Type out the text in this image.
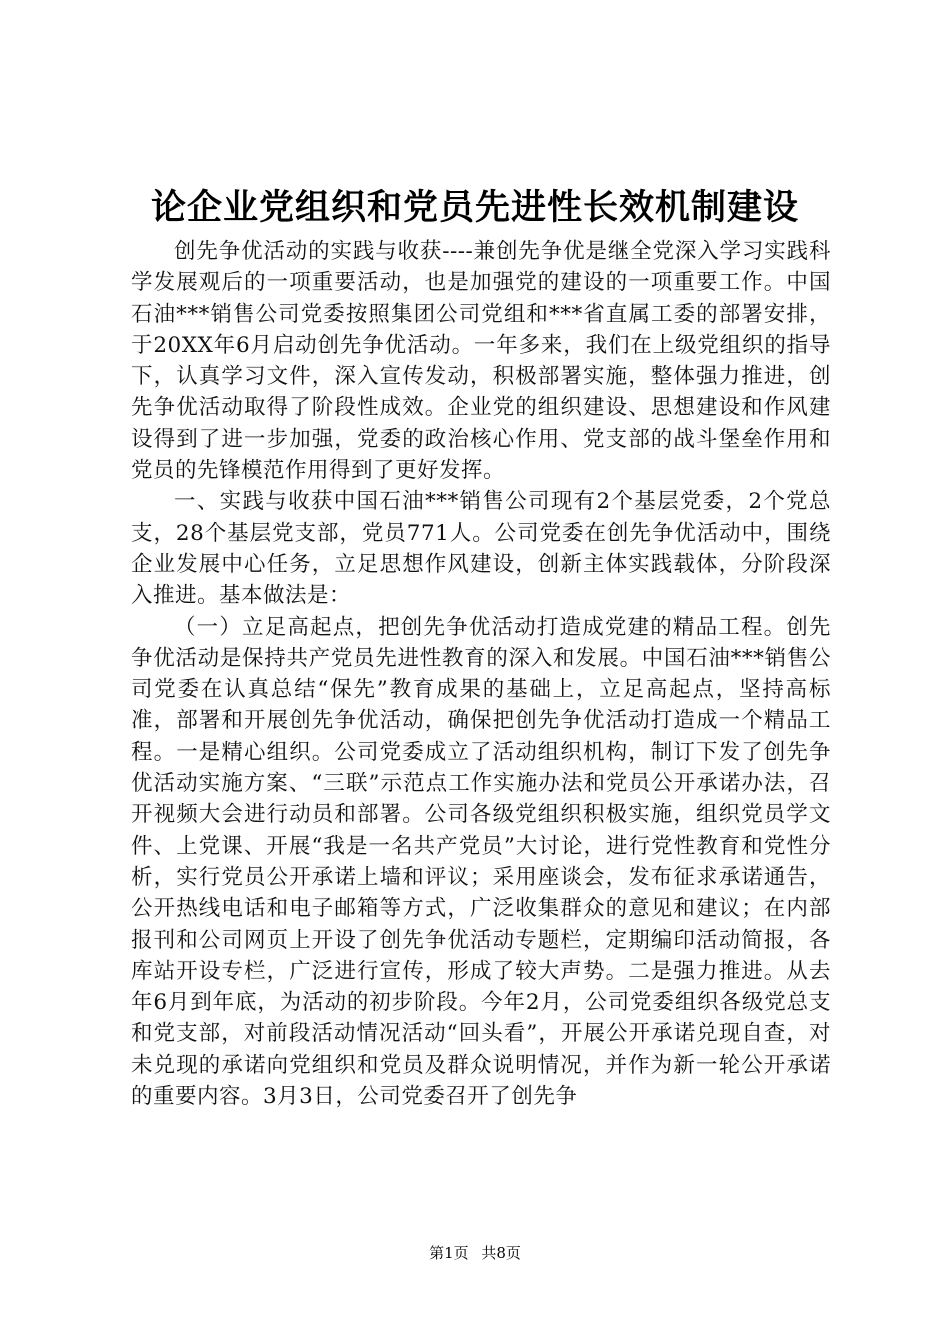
论企业党组织和党员先进性长效机制建设

创先争优活动的实践与收获----兼创先争优是继全党深入学习实践科学发展观后的一项重要活动，也是加强党的建设的一项重要工作。中国石油***销售公司党委按照集团公司党组和***省直属工委的部署安排，于20XX年6月启动创先争优活动。一年多来，我们在上级党组织的指导下，认真学习文件，深入宣传发动，积极部署实施，整体强力推进，创先争优活动取得了阶段性成效。企业党的组织建设、思想建设和作风建设得到了进一步加强，党委的政治核心作用、党支部的战斗堡垒作用和党员的先锋模范作用得到了更好发挥。

一、实践与收获中国石油***销售公司现有2个基层党委，2个党总支，28个基层党支部，党员771人。公司党委在创先争优活动中，围绕企业发展中心任务，立足思想作风建设，创新主体实践载体，分阶段深入推进。基本做法是：

（一）立足高起点，把创先争优活动打造成党建的精品工程。创先争优活动是保持共产党员先进性教育的深入和发展。中国石油***销售公司党委在认真总结“保先”教育成果的基础上，立足高起点，坚持高标准，部署和开展创先争优活动，确保把创先争优活动打造成一个精品工程。一是精心组织。公司党委成立了活动组织机构，制订下发了创先争优活动实施方案、“三联”示范点工作实施办法和党员公开承诺办法，召开视频大会进行动员和部署。公司各级党组织积极实施，组织党员学文件、上党课、开展“我是一名共产党员”大讨论，进行党性教育和党性分析，实行党员公开承诺上墙和评议；采用座谈会，发布征求承诺通告，公开热线电话和电子邮箱等方式，广泛收集群众的意见和建议；在内部报刊和公司网页上开设了创先争优活动专题栏，定期编印活动简报，各库站开设专栏，广泛进行宣传，形成了较大声势。二是强力推进。从去年6月到年底，为活动的初步阶段。今年2月，公司党委组织各级党总支和党支部，对前段活动情况活动“回头看”，开展公开承诺兑现自查，对未兑现的承诺向党组织和党员及群众说明情况，并作为新一轮公开承诺的重要内容。3月3日，公司党委召开了创先争

第1页 共8页
